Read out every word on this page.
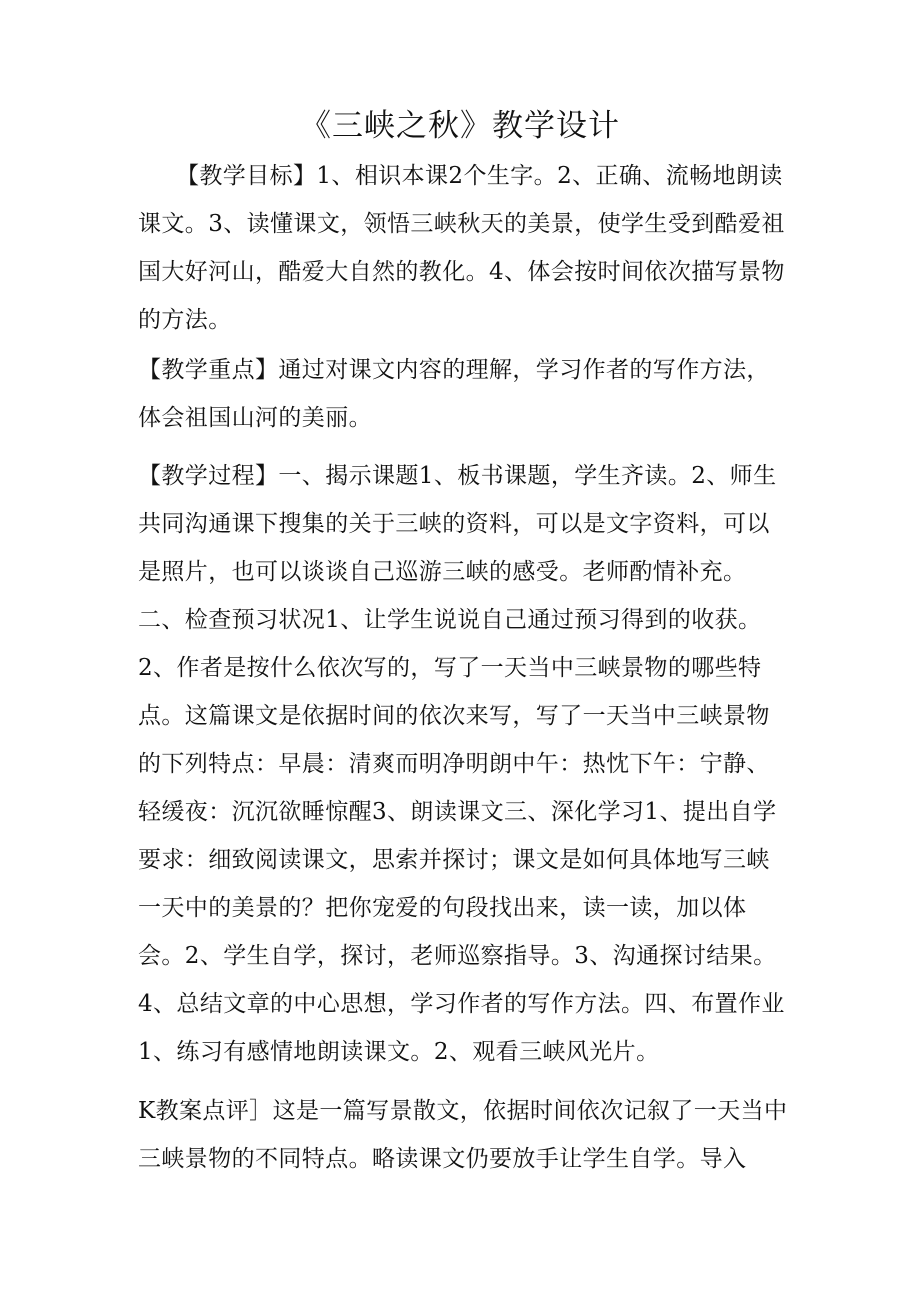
《三峡之秋》教学设计

【教学目标】1、相识本课2个生字。2、正确、流畅地朗读课文。3、读懂课文，领悟三峡秋天的美景，使学生受到酷爱祖国大好河山，酷爱大自然的教化。4、体会按时间依次描写景物的方法。

【教学重点】通过对课文内容的理解，学习作者的写作方法，
体会祖国山河的美丽。

【教学过程】一、揭示课题1、板书课题，学生齐读。2、师生共同沟通课下搜集的关于三峡的资料，可以是文字资料，可以是照片，也可以谈谈自己巡游三峡的感受。老师酌情补充。二、检查预习状况1、让学生说说自己通过预习得到的收获。2、作者是按什么依次写的，写了一天当中三峡景物的哪些特点。这篇课文是依据时间的依次来写，写了一天当中三峡景物的下列特点：早晨：清爽而明净明朗中午：热忱下午：宁静、轻缓夜：沉沉欲睡惊醒3、朗读课文三、深化学习1、提出自学要求：细致阅读课文，思索并探讨；课文是如何具体地写三峡一天中的美景的？把你宠爱的句段找出来，读一读，加以体会。2、学生自学，探讨，老师巡察指导。3、沟通探讨结果。4、总结文章的中心思想，学习作者的写作方法。四、布置作业1、练习有感情地朗读课文。2、观看三峡风光片。

K教案点评］这是一篇写景散文，依据时间依次记叙了一天当中三峡景物的不同特点。略读课文仍要放手让学生自学。导入
